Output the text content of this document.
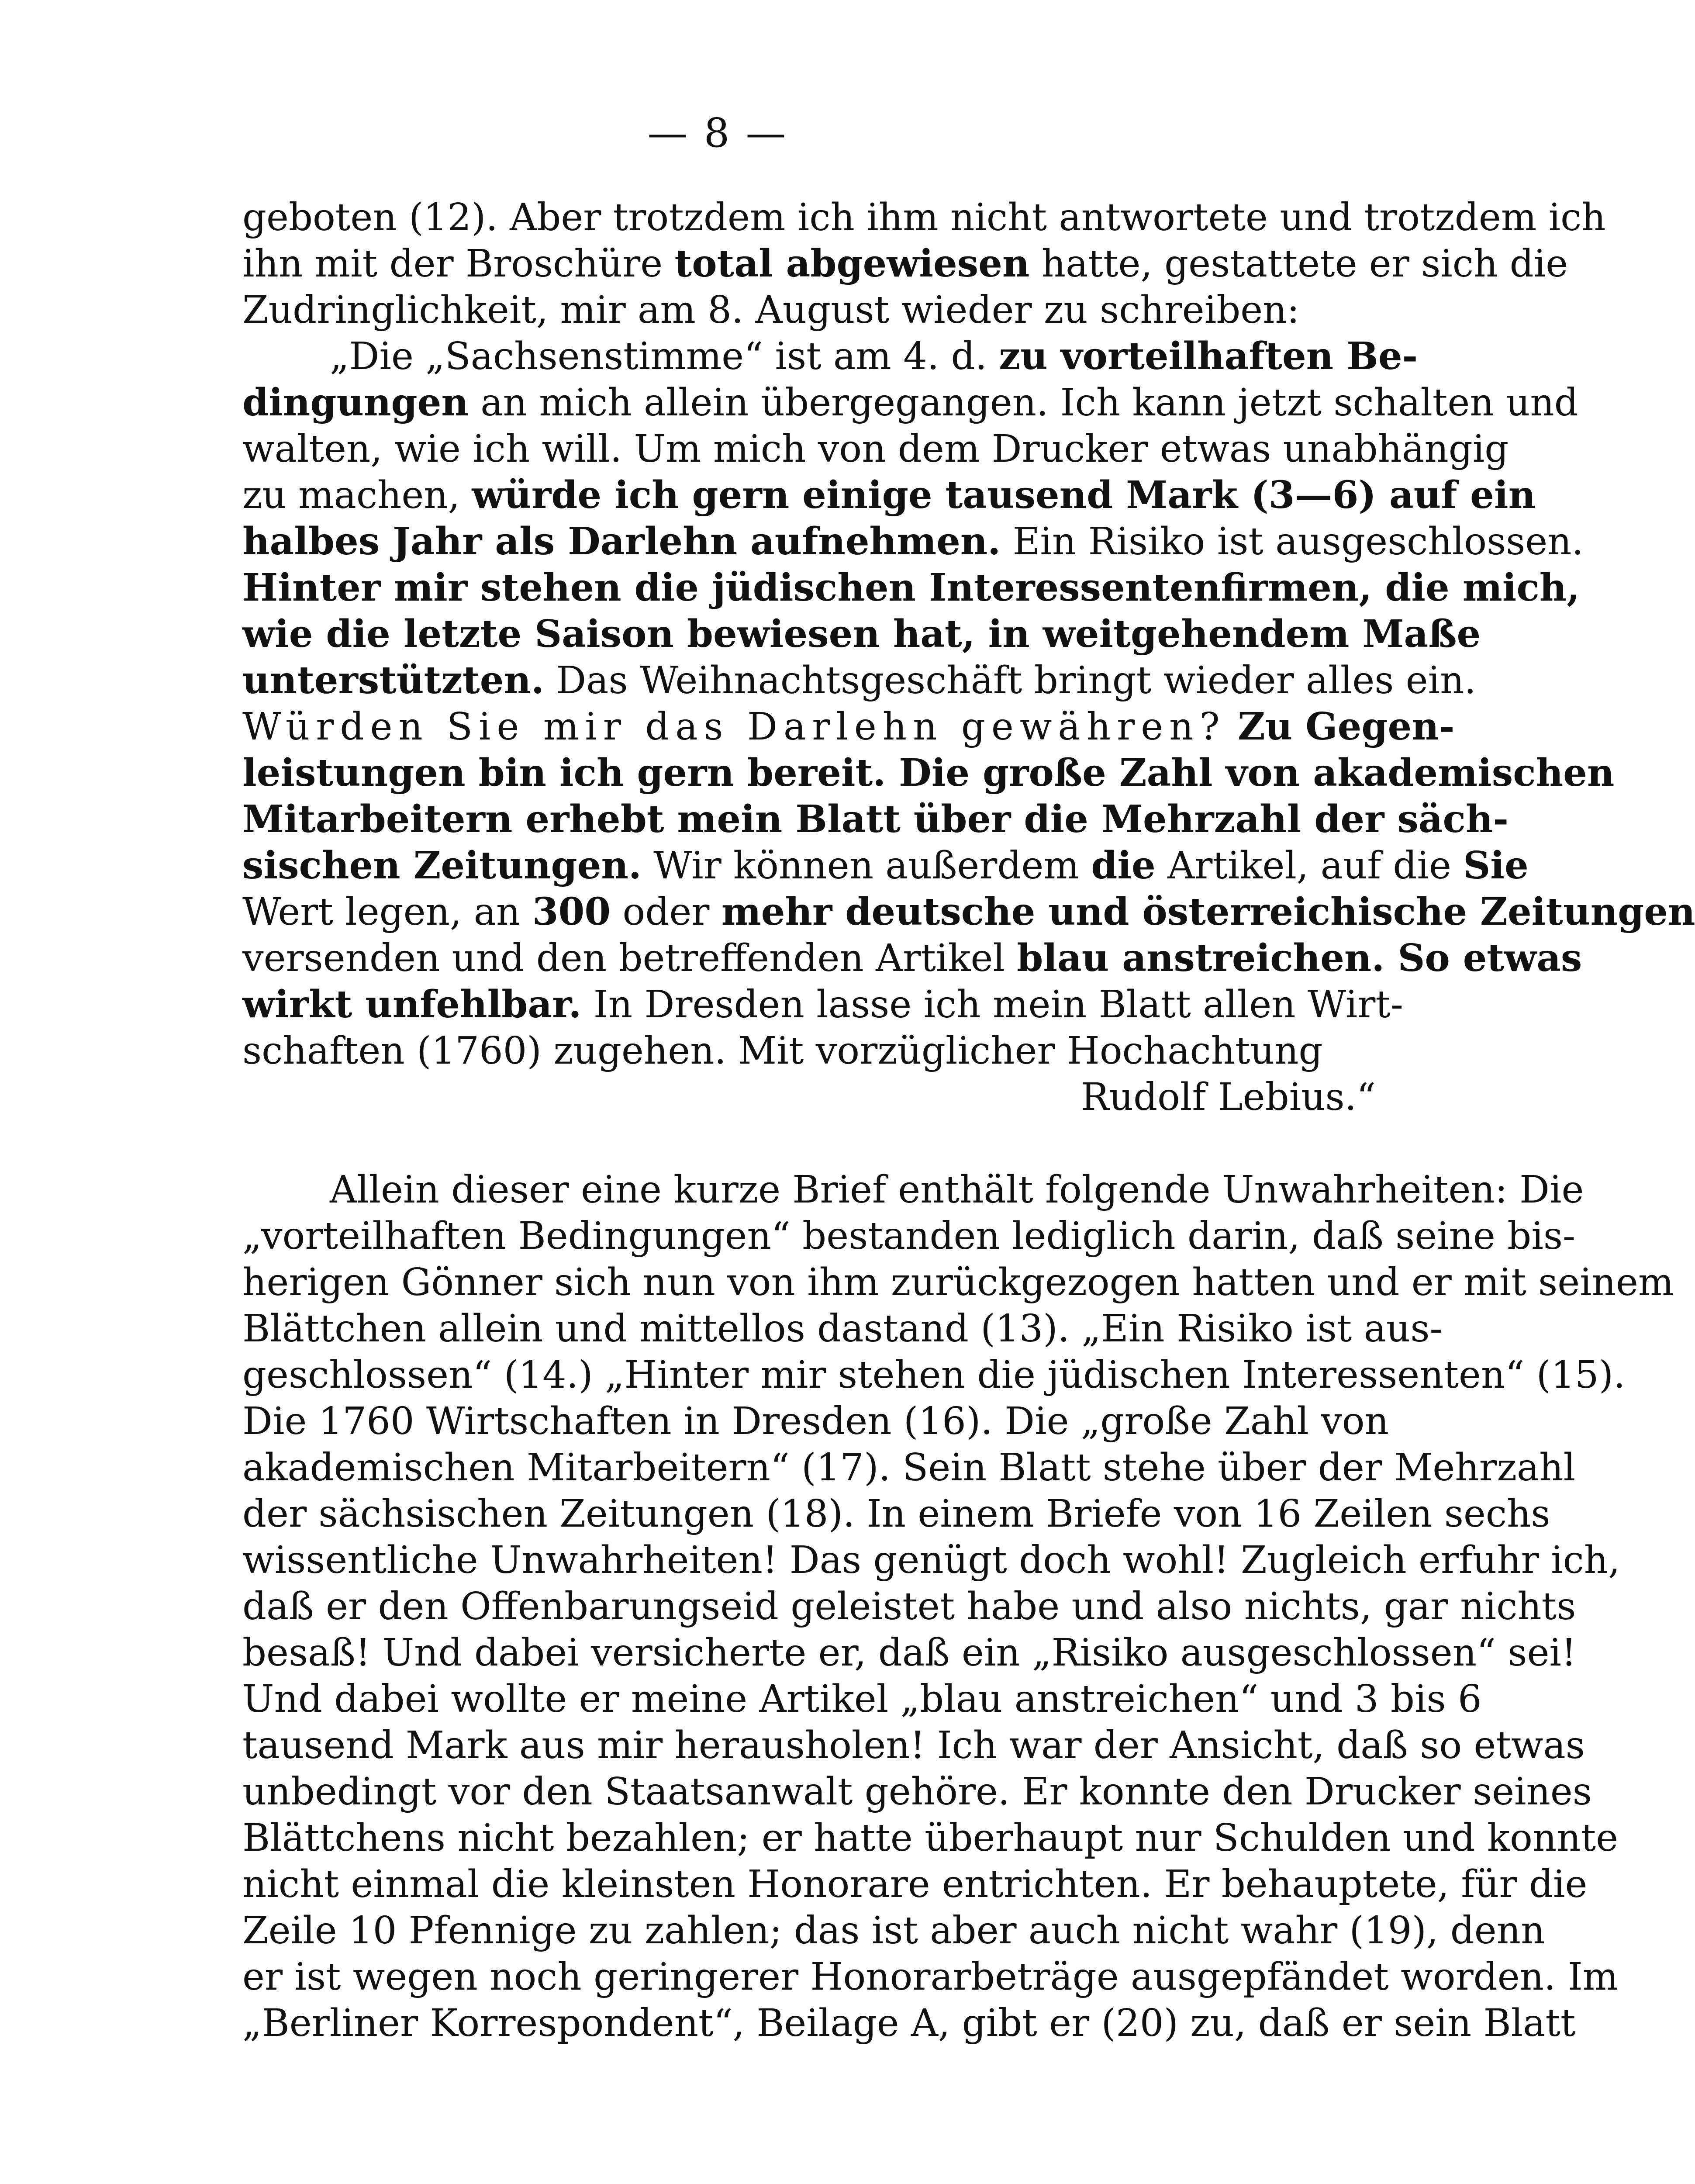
— 8 —
geboten (12). Aber trotzdem ich ihm nicht antwortete und trotzdem ich
ihn mit der Broschüre total abgewiesen hatte, gestattete er sich die
Zudringlichkeit, mir am 8. August wieder zu schreiben:
„Die „Sachsenstimme“ ist am 4. d. zu vorteilhaften Be-
dingungen an mich allein übergegangen. Ich kann jetzt schalten und
walten, wie ich will. Um mich von dem Drucker etwas unabhängig
zu machen, würde ich gern einige tausend Mark (3—6) auf ein
halbes Jahr als Darlehn aufnehmen. Ein Risiko ist ausgeschlossen.
Hinter mir stehen die jüdischen Interessentenfirmen, die mich,
wie die letzte Saison bewiesen hat, in weitgehendem Maße
unterstützten. Das Weihnachtsgeschäft bringt wieder alles ein.
Würden Sie mir das Darlehn gewähren? Zu Gegen-
leistungen bin ich gern bereit. Die große Zahl von akademischen
Mitarbeitern erhebt mein Blatt über die Mehrzahl der säch-
sischen Zeitungen. Wir können außerdem die Artikel, auf die Sie
Wert legen, an 300 oder mehr deutsche und österreichische Zeitungen
versenden und den betreffenden Artikel blau anstreichen. So etwas
wirkt unfehlbar. In Dresden lasse ich mein Blatt allen Wirt-
schaften (1760) zugehen. Mit vorzüglicher Hochachtung
Rudolf Lebius.“
Allein dieser eine kurze Brief enthält folgende Unwahrheiten: Die
„vorteilhaften Bedingungen“ bestanden lediglich darin, daß seine bis-
herigen Gönner sich nun von ihm zurückgezogen hatten und er mit seinem
Blättchen allein und mittellos dastand (13). „Ein Risiko ist aus-
geschlossen“ (14.) „Hinter mir stehen die jüdischen Interessenten“ (15).
Die 1760 Wirtschaften in Dresden (16). Die „große Zahl von
akademischen Mitarbeitern“ (17). Sein Blatt stehe über der Mehrzahl
der sächsischen Zeitungen (18). In einem Briefe von 16 Zeilen sechs
wissentliche Unwahrheiten! Das genügt doch wohl! Zugleich erfuhr ich,
daß er den Offenbarungseid geleistet habe und also nichts, gar nichts
besaß! Und dabei versicherte er, daß ein „Risiko ausgeschlossen“ sei!
Und dabei wollte er meine Artikel „blau anstreichen“ und 3 bis 6
tausend Mark aus mir herausholen! Ich war der Ansicht, daß so etwas
unbedingt vor den Staatsanwalt gehöre. Er konnte den Drucker seines
Blättchens nicht bezahlen; er hatte überhaupt nur Schulden und konnte
nicht einmal die kleinsten Honorare entrichten. Er behauptete, für die
Zeile 10 Pfennige zu zahlen; das ist aber auch nicht wahr (19), denn
er ist wegen noch geringerer Honorarbeträge ausgepfändet worden. Im
„Berliner Korrespondent“, Beilage A, gibt er (20) zu, daß er sein Blatt
